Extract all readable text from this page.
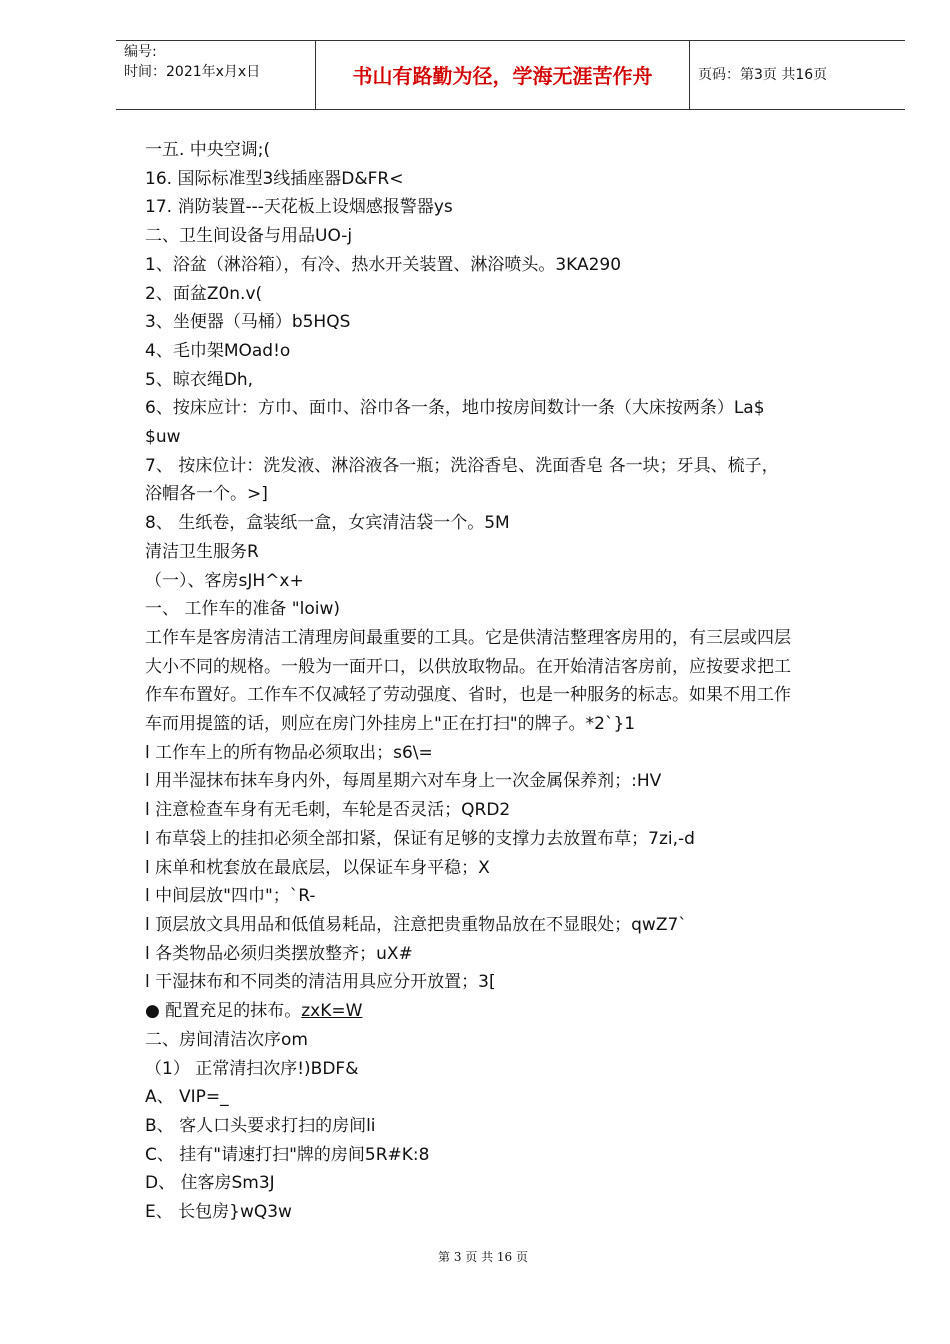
编号:
时间：2021年x月x日	书山有路勤为径，学海无涯苦作舟	页码：第3页 共16页

一五. 中央空调;(

16. 国际标准型3线插座器D&FR<

17. 消防装置---天花板上设烟感报警器ys

二、卫生间设备与用品UO-j

1、浴盆（淋浴箱），有冷、热水开关装置、淋浴喷头。3KA290

2、面盆Z0n.v(

3、坐便器（马桶）b5HQS

4、毛巾架MOad!o

5、晾衣绳Dh,

6、按床应计：方巾、面巾、浴巾各一条，地巾按房间数计一条（大床按两条）La$

$uw

7、 按床位计：洗发液、淋浴液各一瓶；洗浴香皂、洗面香皂 各一块；牙具、梳子，

浴帽各一个。>]

8、 生纸卷，盒装纸一盒，女宾清洁袋一个。5M

清洁卫生服务R

（一）、客房sJH^x+

一、 工作车的准备 "loiw)

工作车是客房清洁工清理房间最重要的工具。它是供清洁整理客房用的，有三层或四层

大小不同的规格。一般为一面开口，以供放取物品。在开始清洁客房前，应按要求把工

作车布置好。工作车不仅减轻了劳动强度、省时，也是一种服务的标志。如果不用工作

车而用提篮的话，则应在房门外挂房上"正在打扫"的牌子。*2`}1

l 工作车上的所有物品必须取出；s6\=

l 用半湿抹布抹车身内外，每周星期六对车身上一次金属保养剂；:HV

l 注意检查车身有无毛刺，车轮是否灵活；QRD2

l 布草袋上的挂扣必须全部扣紧，保证有足够的支撑力去放置布草；7zi,-d

l 床单和枕套放在最底层，以保证车身平稳；X

l 中间层放"四巾"；`R-

l 顶层放文具用品和低值易耗品，注意把贵重物品放在不显眼处；qwZ7`

l 各类物品必须归类摆放整齐；uX#

l 干湿抹布和不同类的清洁用具应分开放置；3[

● 配置充足的抹布。zxK=W

二、房间清洁次序om

（1） 正常清扫次序!)BDF&

A、 VIP=_

B、 客人口头要求打扫的房间li

C、 挂有"请速打扫"牌的房间5R#K:8

D、 住客房Sm3J

E、 长包房}wQ3w

第 3 页 共 16 页
